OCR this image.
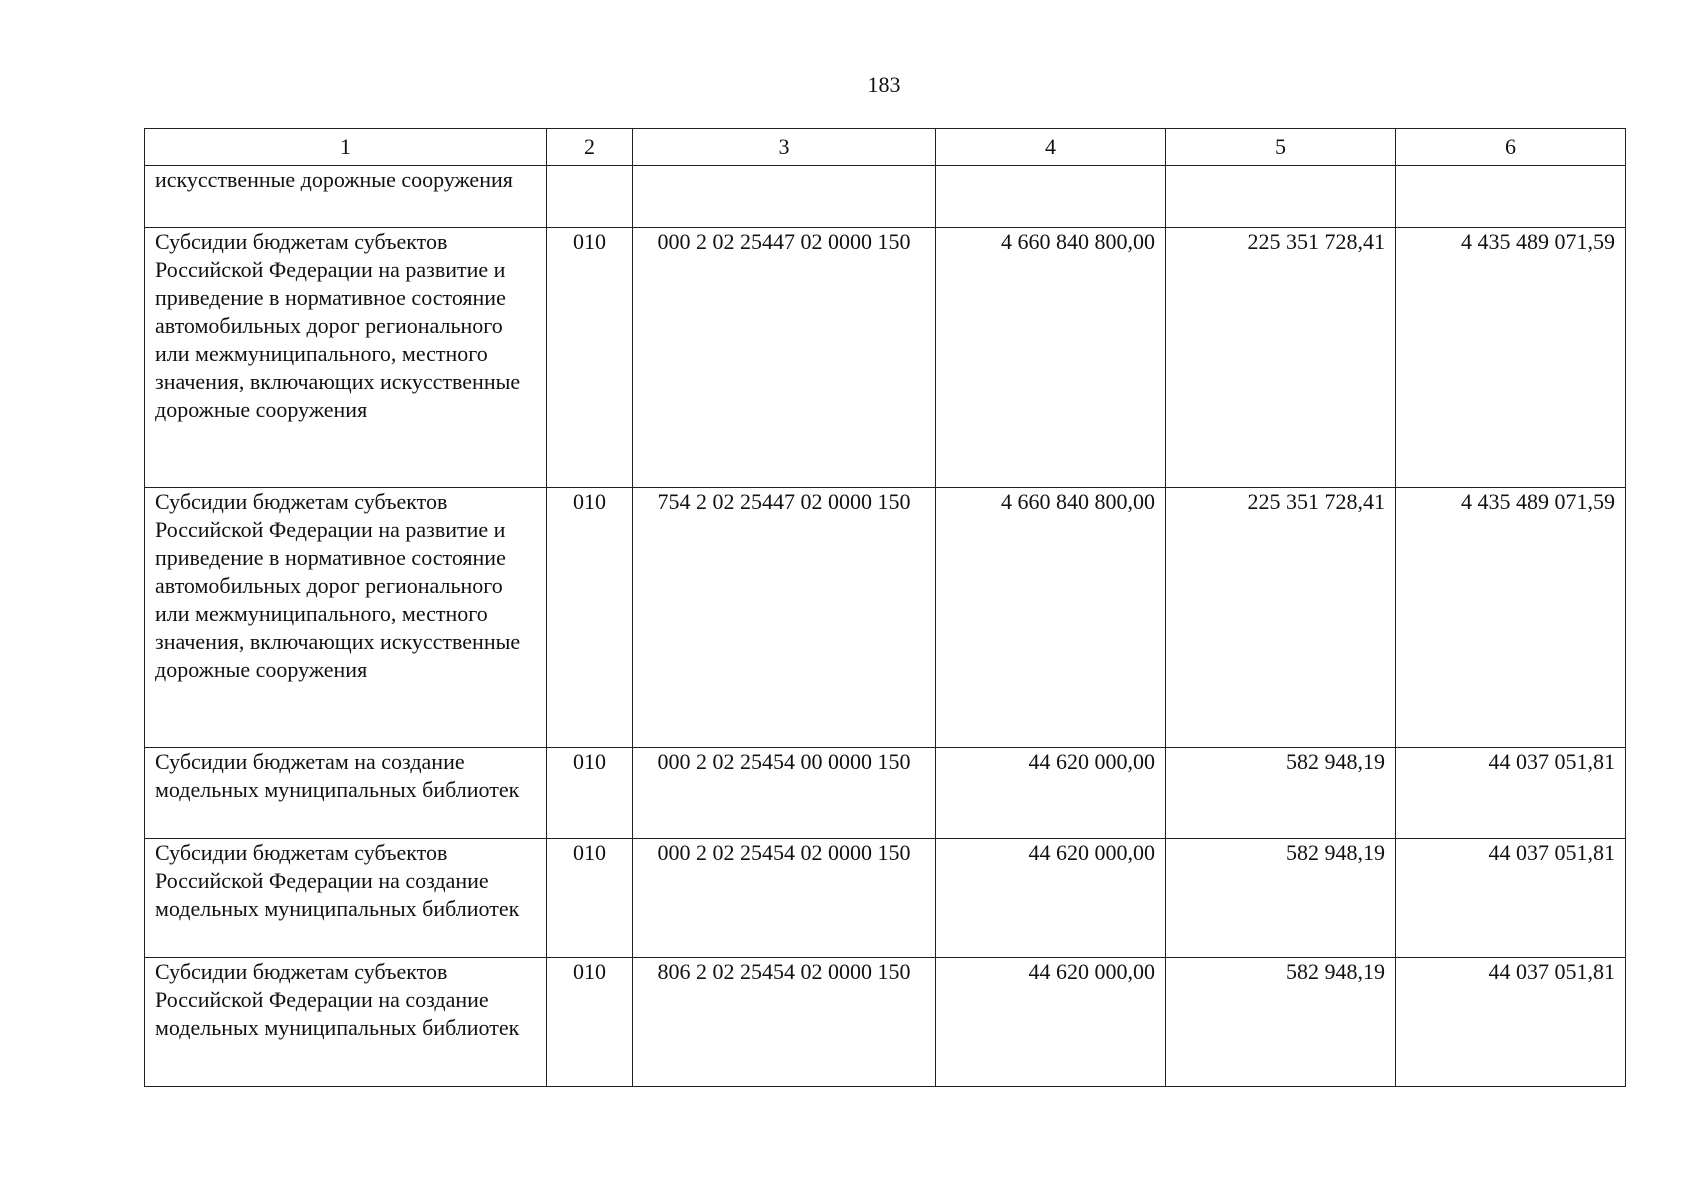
183
1	2	3	4	5	6
искусственные дорожные сооружения					
Субсидии бюджетам субъектов Российской Федерации на развитие и приведение в нормативное состояние автомобильных дорог регионального или межмуниципального, местного значения, включающих искусственные дорожные сооружения	010	000 2 02 25447 02 0000 150	4 660 840 800,00	225 351 728,41	4 435 489 071,59
Субсидии бюджетам субъектов Российской Федерации на развитие и приведение в нормативное состояние автомобильных дорог регионального или межмуниципального, местного значения, включающих искусственные дорожные сооружения	010	754 2 02 25447 02 0000 150	4 660 840 800,00	225 351 728,41	4 435 489 071,59
Субсидии бюджетам на создание модельных муниципальных библиотек	010	000 2 02 25454 00 0000 150	44 620 000,00	582 948,19	44 037 051,81
Субсидии бюджетам субъектов Российской Федерации на создание модельных муниципальных библиотек	010	000 2 02 25454 02 0000 150	44 620 000,00	582 948,19	44 037 051,81
Субсидии бюджетам субъектов Российской Федерации на создание модельных муниципальных библиотек	010	806 2 02 25454 02 0000 150	44 620 000,00	582 948,19	44 037 051,81
